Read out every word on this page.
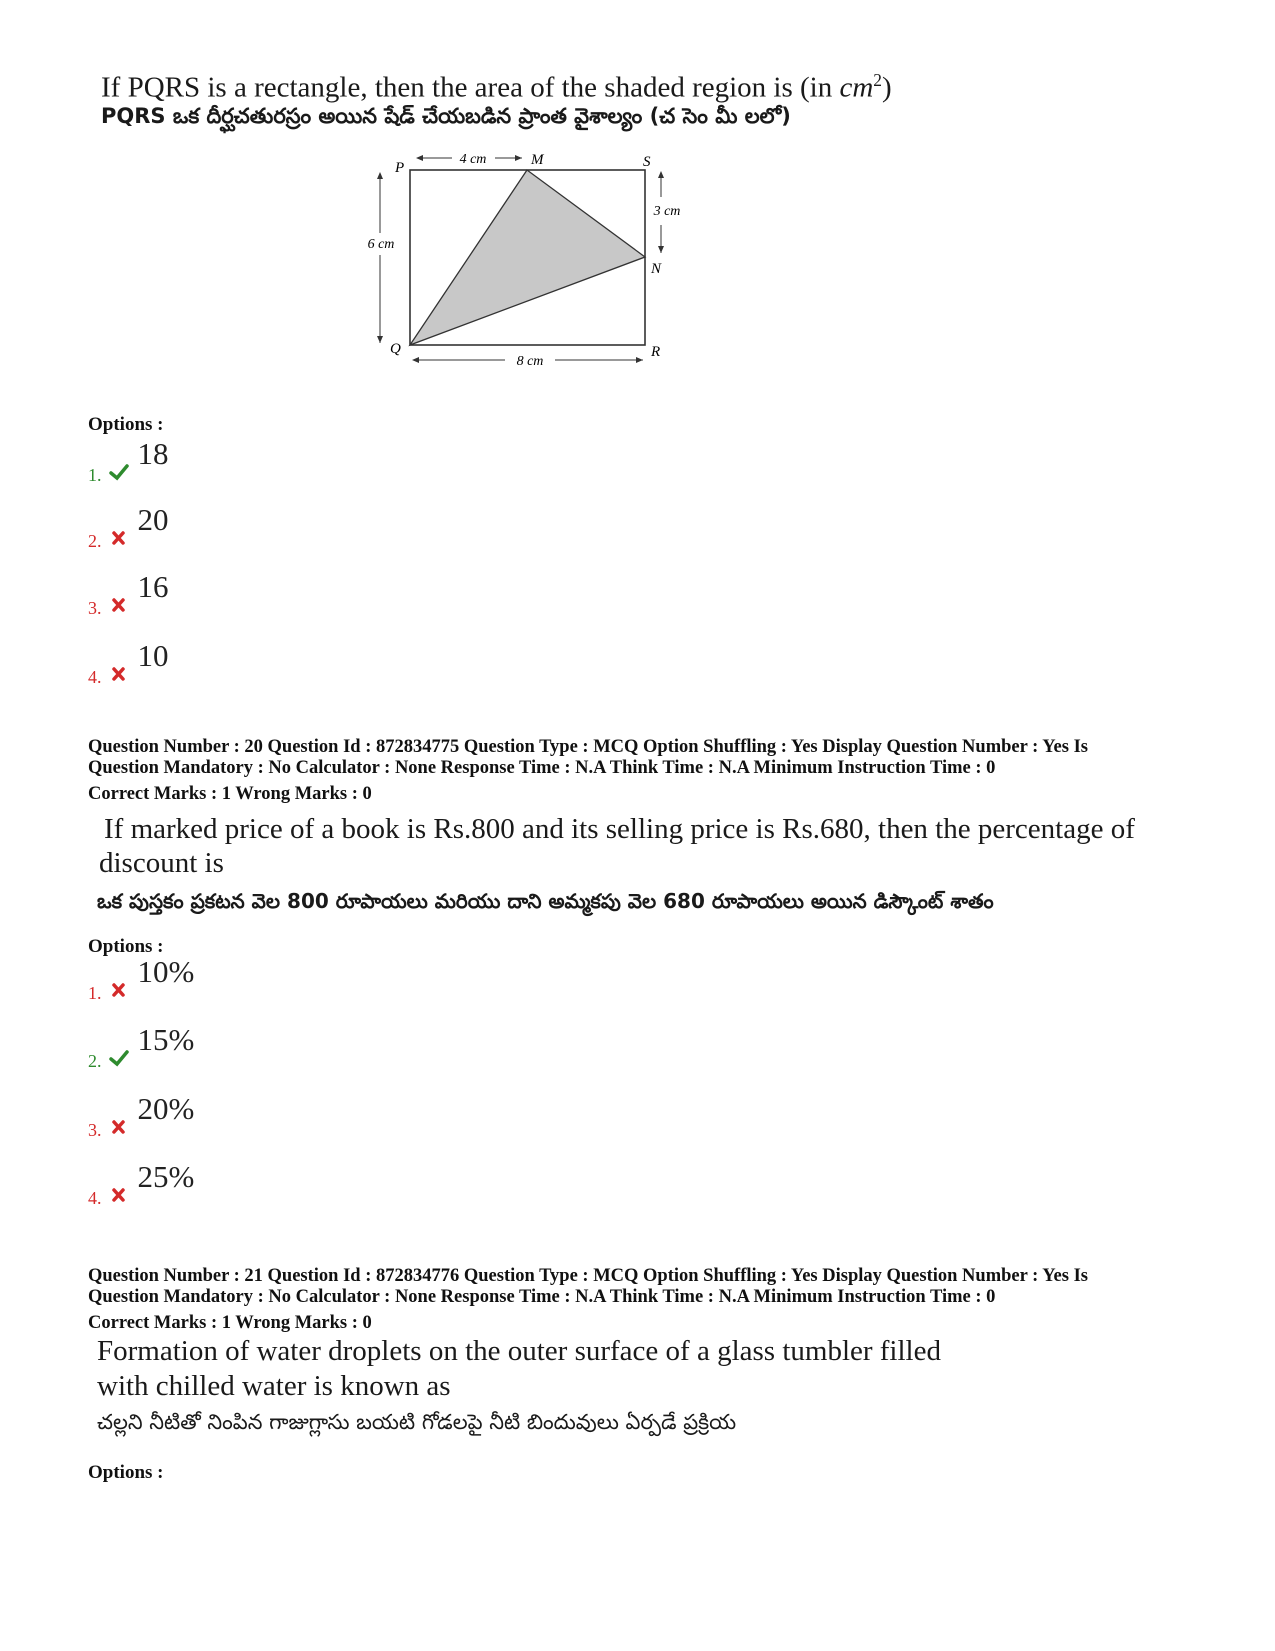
If PQRS is a rectangle, then the area of the shaded region is (in $cm^2$)
PQRS ఒక దీర్ఘచతురస్రం అయిన షేడ్ చేయబడిన ప్రాంత వైశాల్యం (చ సెం మీ లలో)
4 cm
3 cm
6 cm
8 cm
P	M	S
N
Q	R
Options :
1.
18
2.
20
3.
16
4.
10
Question Number : 20 Question Id : 872834775 Question Type : MCQ Option Shuffling : Yes Display Question Number : Yes Is
Question Mandatory : No Calculator : None Response Time : N.A Think Time : N.A Minimum Instruction Time : 0
Correct Marks : 1 Wrong Marks : 0
If marked price of a book is Rs.800 and its selling price is Rs.680, then the percentage of
discount is
ఒక పుస్తకం ప్రకటన వెల 800 రూపాయలు మరియు దాని అమ్మకపు వెల 680 రూపాయలు అయిన డిస్కౌంట్ శాతం
Options :
1.
10%
2.
15%
3.
20%
4.
25%
Question Number : 21 Question Id : 872834776 Question Type : MCQ Option Shuffling : Yes Display Question Number : Yes Is
Question Mandatory : No Calculator : None Response Time : N.A Think Time : N.A Minimum Instruction Time : 0
Correct Marks : 1 Wrong Marks : 0
Formation of water droplets on the outer surface of a glass tumbler filled
with chilled water is known as
చల్లని నీటితో నింపిన గాజుగ్లాసు బయటి గోడలపై నీటి బిందువులు ఏర్పడే ప్రక్రియ
Options :
